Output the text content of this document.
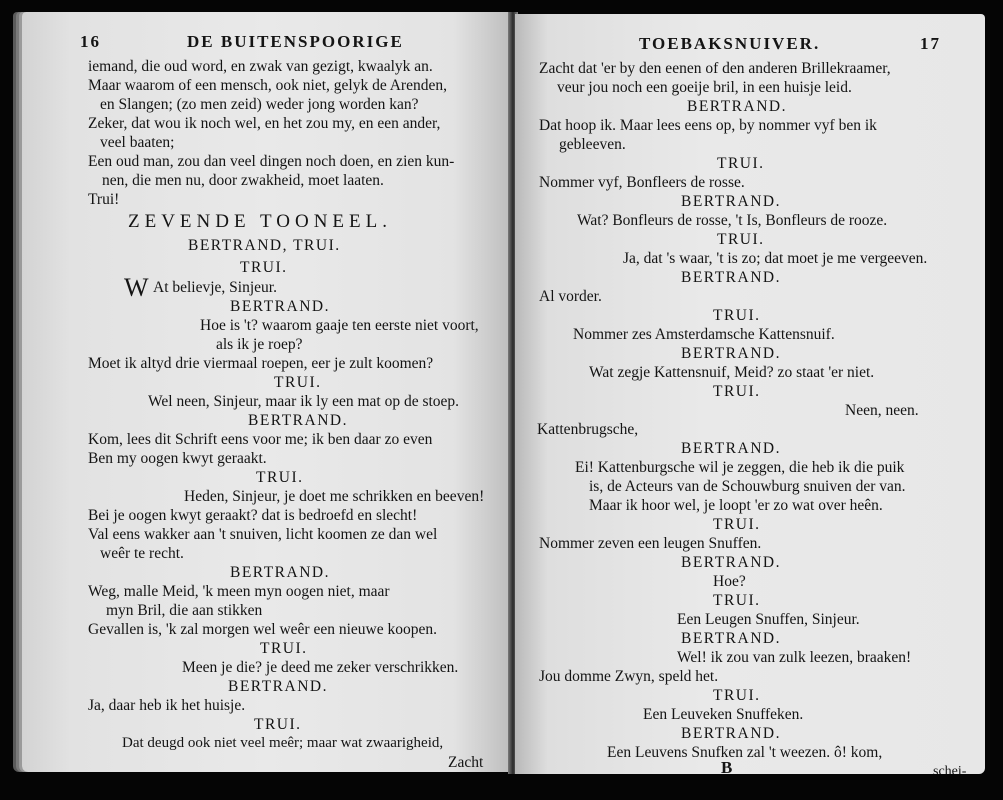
16	DE BUITENSPOORIGE
iemand, die oud word, en zwak van gezigt, kwaalyk an.
Maar waarom of een mensch, ook niet, gelyk de Arenden,
en Slangen; (zo men zeid) weder jong worden kan?
Zeker, dat wou ik noch wel, en het zou my, en een ander,
veel baaten;
Een oud man, zou dan veel dingen noch doen, en zien kun-
nen, die men nu, door zwakheid, moet laaten.
Trui!
ZEVENDE TOONEEL.
BERTRAND, TRUI.
TRUI.
W At believje, Sinjeur.
BERTRAND.
Hoe is 't? waarom gaaje ten eerste niet voort,
als ik je roep?
Moet ik altyd drie viermaal roepen, eer je zult koomen?
TRUI.
Wel neen, Sinjeur, maar ik ly een mat op de stoep.
BERTRAND.
Kom, lees dit Schrift eens voor me; ik ben daar zo even
Ben my oogen kwyt geraakt.
TRUI.
Heden, Sinjeur, je doet me schrikken en beeven!
Bei je oogen kwyt geraakt? dat is bedroefd en slecht!
Val eens wakker aan 't snuiven, licht koomen ze dan wel
weêr te recht.
BERTRAND.
Weg, malle Meid, 'k meen myn oogen niet, maar
myn Bril, die aan stikken
Gevallen is, 'k zal morgen wel weêr een nieuwe koopen.
TRUI.
Meen je die? je deed me zeker verschrikken.
BERTRAND.
Ja, daar heb ik het huisje.
TRUI.
Dat deugd ook niet veel meêr; maar wat zwaarigheid,
Zacht
TOEBAKSNUIVER.	17
Zacht dat 'er by den eenen of den anderen Brillekraamer,
veur jou noch een goeije bril, in een huisje leid.
BERTRAND.
Dat hoop ik. Maar lees eens op, by nommer vyf ben ik
gebleeven.
TRUI.
Nommer vyf, Bonfleers de rosse.
BERTRAND.
Wat? Bonfleurs de rosse, 't Is, Bonfleurs de rooze.
TRUI.
Ja, dat 's waar, 't is zo; dat moet je me vergeeven.
BERTRAND.
Al vorder.
TRUI.
Nommer zes Amsterdamsche Kattensnuif.
BERTRAND.
Wat zegje Kattensnuif, Meid? zo staat 'er niet.
TRUI.
Neen, neen.
Kattenbrugsche,
BERTRAND.
Ei! Kattenburgsche wil je zeggen, die heb ik die puik
is, de Acteurs van de Schouwburg snuiven der van.
Maar ik hoor wel, je loopt 'er zo wat over heên.
TRUI.
Nommer zeven een leugen Snuffen.
BERTRAND.
Hoe?
TRUI.
Een Leugen Snuffen, Sinjeur.
BERTRAND.
Wel! ik zou van zulk leezen, braaken!
Jou domme Zwyn, speld het.
TRUI.
Een Leuveken Snuffeken.
BERTRAND.
Een Leuvens Snufken zal 't weezen. ô! kom,
schei-
B
